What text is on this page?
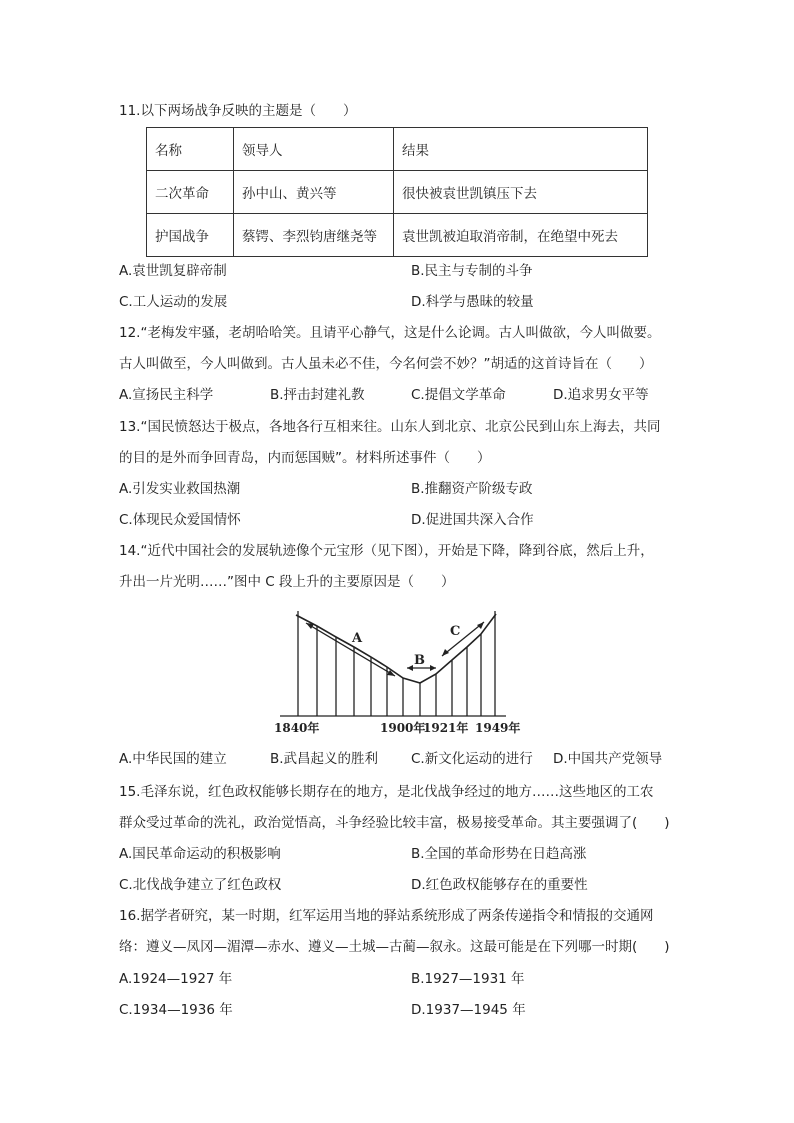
11.以下两场战争反映的主题是（　　）
名称	领导人	结果
二次革命	孙中山、黄兴等	很快被袁世凯镇压下去
护国战争	蔡锷、李烈钧唐继尧等	袁世凯被迫取消帝制，在绝望中死去
A.袁世凯复辟帝制	B.民主与专制的斗争
C.工人运动的发展	D.科学与愚昧的较量
12.“老梅发牢骚，老胡哈哈笑。且请平心静气，这是什么论调。古人叫做欲，今人叫做要。
古人叫做至，今人叫做到。古人虽未必不佳，今名何尝不妙？”胡适的这首诗旨在（　　）
A.宣扬民主科学	B.抨击封建礼教	C.提倡文学革命	D.追求男女平等
13.“国民愤怒达于极点，各地各行互相来往。山东人到北京、北京公民到山东上海去，共同
的目的是外而争回青岛，内而惩国贼”。材料所述事件（　　）
A.引发实业救国热潮	B.推翻资产阶级专政
C.体现民众爱国情怀	D.促进国共深入合作
14.“近代中国社会的发展轨迹像个元宝形（见下图），开始是下降，降到谷底，然后上升，
升出一片光明……”图中 C 段上升的主要原因是（　　）
A
B
C
1840年	1900年
1921年 1949年
A.中华民国的建立	B.武昌起义的胜利 C.新文化运动的进行 D.中国共产党领导
15.毛泽东说，红色政权能够长期存在的地方，是北伐战争经过的地方……这些地区的工农
群众受过革命的洗礼，政治觉悟高，斗争经验比较丰富，极易接受革命。其主要强调了(　　)
A.国民革命运动的积极影响	B.全国的革命形势在日趋高涨
C.北伐战争建立了红色政权	D.红色政权能够存在的重要性
16.据学者研究，某一时期，红军运用当地的驿站系统形成了两条传递指令和情报的交通网
络：遵义—凤冈—湄潭—赤水、遵义—土城—古蔺—叙永。这最可能是在下列哪一时期(　　)
A.1924—1927 年	B.1927—1931 年
C.1934—1936 年	D.1937—1945 年
